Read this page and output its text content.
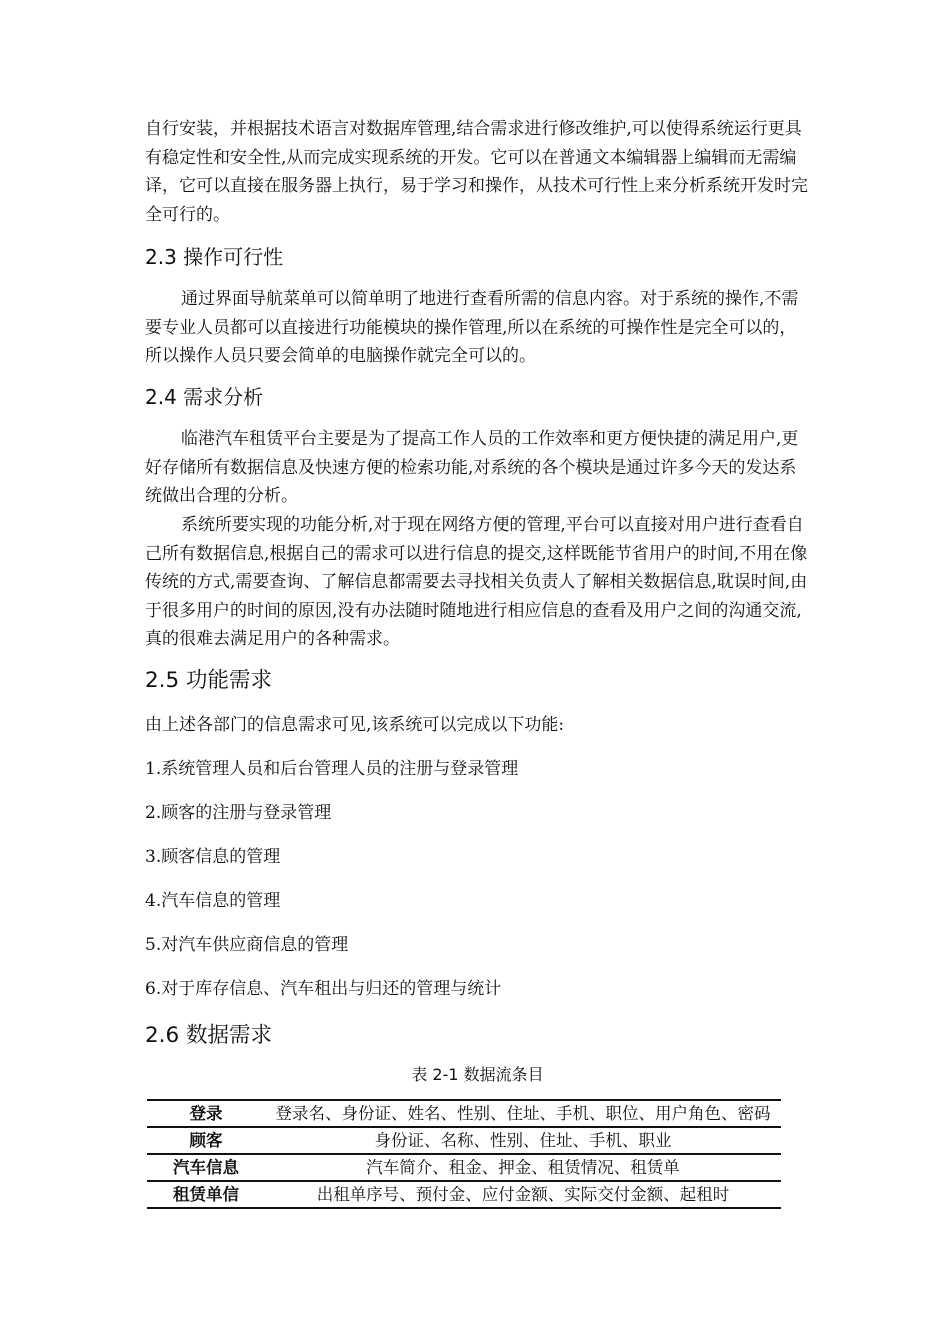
自行安装，并根据技术语言对数据库管理,结合需求进行修改维护,可以使得系统运行更具有稳定性和安全性,从而完成实现系统的开发。它可以在普通文本编辑器上编辑而无需编译，它可以直接在服务器上执行，易于学习和操作，从技术可行性上来分析系统开发时完全可行的。

2.3 操作可行性

通过界面导航菜单可以简单明了地进行查看所需的信息内容。对于系统的操作,不需要专业人员都可以直接进行功能模块的操作管理,所以在系统的可操作性是完全可以的，所以操作人员只要会简单的电脑操作就完全可以的。

2.4 需求分析

临港汽车租赁平台主要是为了提高工作人员的工作效率和更方便快捷的满足用户,更好存储所有数据信息及快速方便的检索功能,对系统的各个模块是通过许多今天的发达系统做出合理的分析。

系统所要实现的功能分析,对于现在网络方便的管理,平台可以直接对用户进行查看自己所有数据信息,根据自己的需求可以进行信息的提交,这样既能节省用户的时间,不用在像传统的方式,需要查询、了解信息都需要去寻找相关负责人了解相关数据信息,耽误时间,由于很多用户的时间的原因,没有办法随时随地进行相应信息的查看及用户之间的沟通交流,真的很难去满足用户的各种需求。

2.5 功能需求

由上述各部门的信息需求可见,该系统可以完成以下功能:

1.系统管理人员和后台管理人员的注册与登录管理

2.顾客的注册与登录管理

3.顾客信息的管理

4.汽车信息的管理

5.对汽车供应商信息的管理

6.对于库存信息、汽车租出与归还的管理与统计

2.6 数据需求

表 2-1 数据流条目

登录	登录名、身份证、姓名、性别、住址、手机、职位、用户角色、密码
顾客	身份证、名称、性别、住址、手机、职业
汽车信息	汽车简介、租金、押金、租赁情况、租赁单
租赁单信	出租单序号、预付金、应付金额、实际交付金额、起租时
